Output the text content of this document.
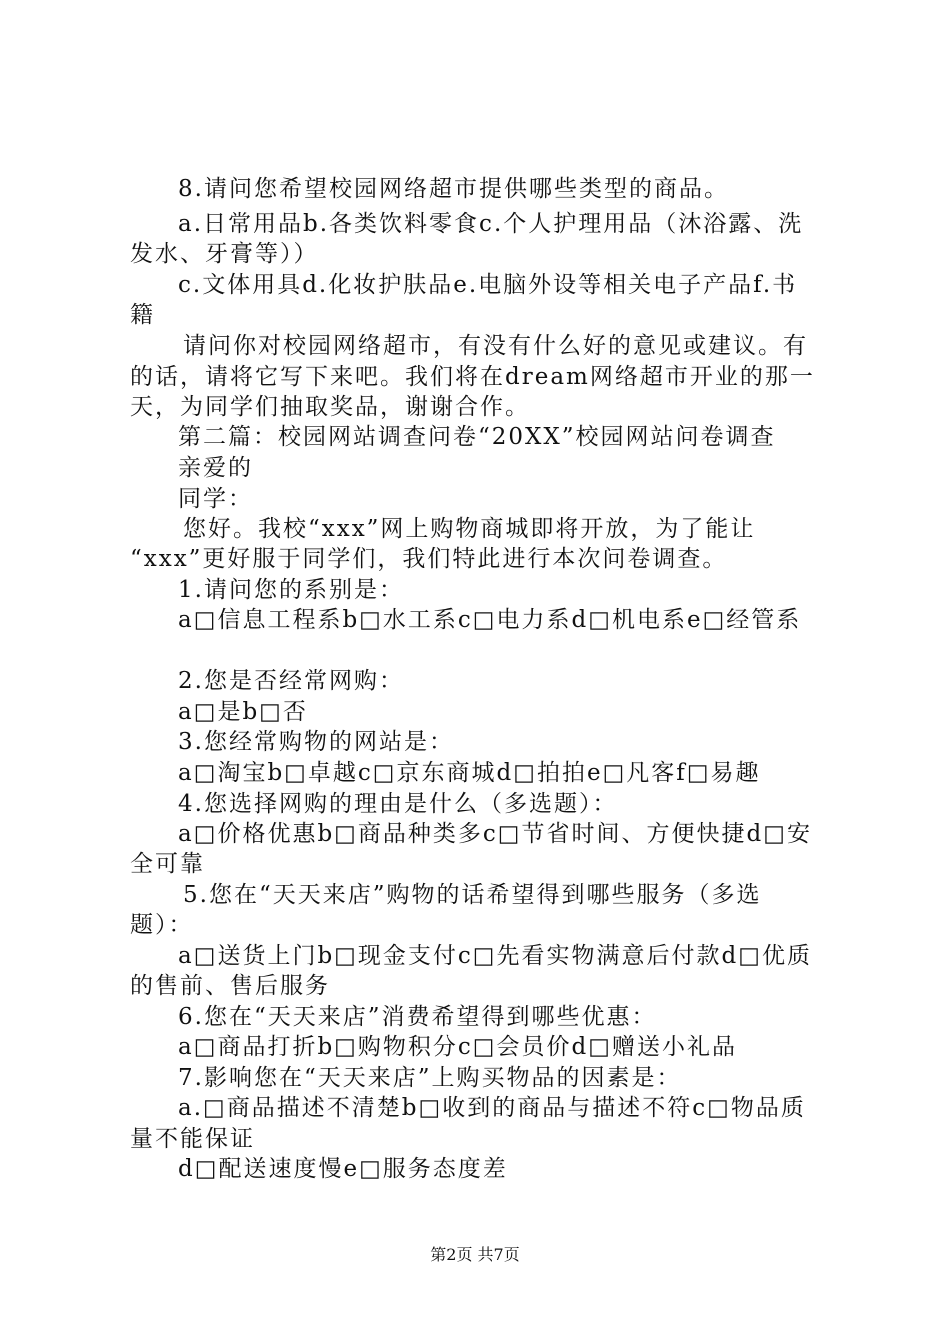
8.请问您希望校园网络超市提供哪些类型的商品。
a.日常用品b.各类饮料零食c.个人护理用品（沐浴露、洗
发水、牙膏等））
c.文体用具d.化妆护肤品e.电脑外设等相关电子产品f.书
籍
请问你对校园网络超市，有没有什么好的意见或建议。有
的话，请将它写下来吧。我们将在dream网络超市开业的那一
天，为同学们抽取奖品，谢谢合作。
第二篇：校园网站调查问卷“20XX”校园网站问卷调查
亲爱的
同学：
您好。我校“xxx”网上购物商城即将开放，为了能让
“xxx”更好服于同学们，我们特此进行本次问卷调查。
1.请问您的系别是：
a□信息工程系b□水工系c□电力系d□机电系e□经管系
2.您是否经常网购：
a□是b□否
3.您经常购物的网站是：
a□淘宝b□卓越c□京东商城d□拍拍e□凡客f□易趣
4.您选择网购的理由是什么（多选题）：
a□价格优惠b□商品种类多c□节省时间、方便快捷d□安
全可靠
5.您在“天天来店”购物的话希望得到哪些服务（多选
题）：
a□送货上门b□现金支付c□先看实物满意后付款d□优质
的售前、售后服务
6.您在“天天来店”消费希望得到哪些优惠：
a□商品打折b□购物积分c□会员价d□赠送小礼品
7.影响您在“天天来店”上购买物品的因素是：
a.□商品描述不清楚b□收到的商品与描述不符c□物品质
量不能保证
d□配送速度慢e□服务态度差
第2页 共7页
